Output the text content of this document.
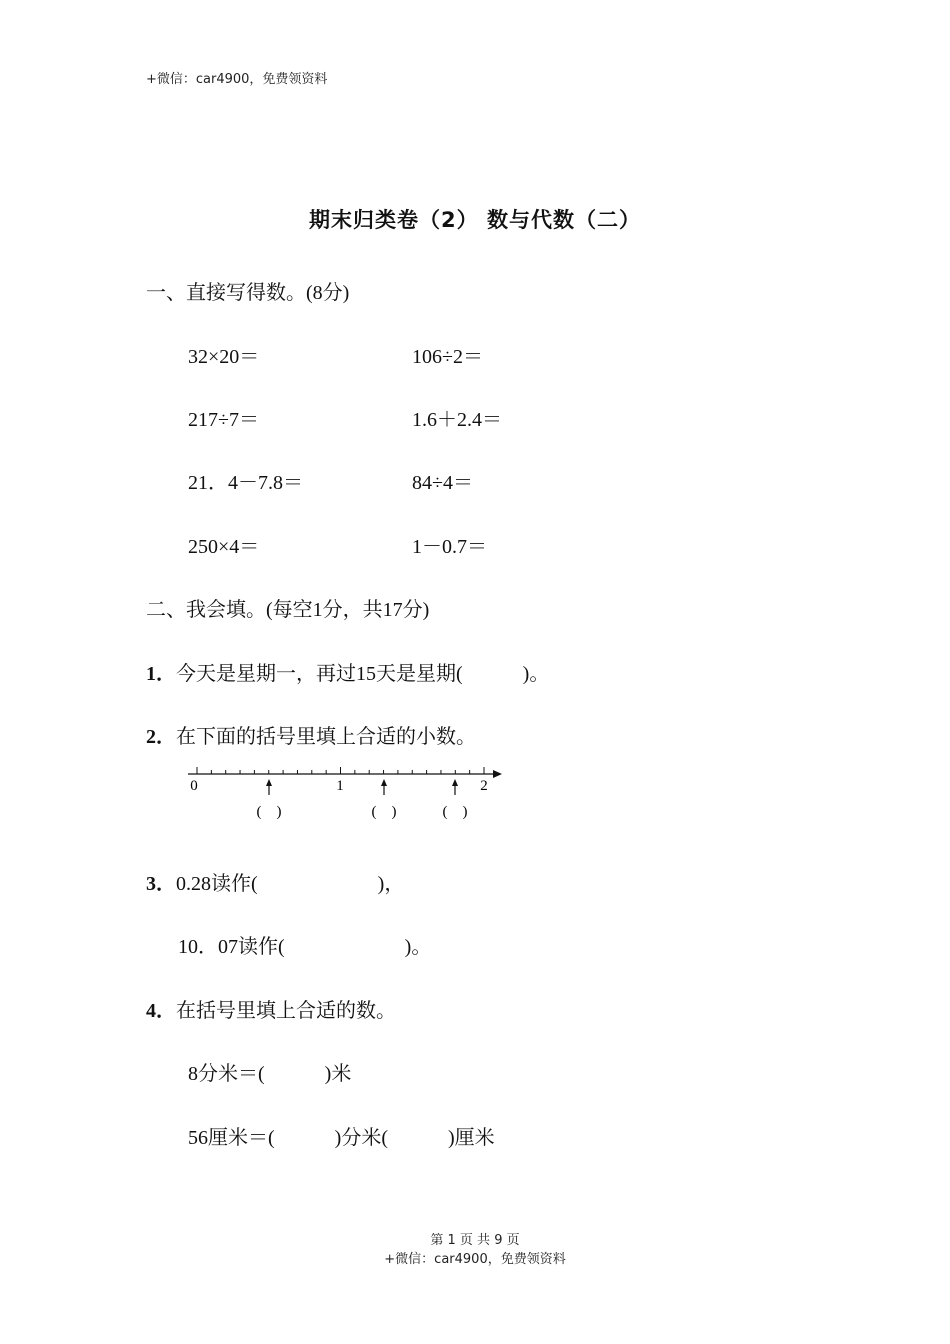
+微信：car4900，免费领资料
期末归类卷（2） 数与代数（二）
一、直接写得数。(8分)
32×20＝	106÷2＝
217÷7＝	1.6＋2.4＝
21．4－7.8＝	84÷4＝
250×4＝	1－0.7＝
二、我会填。(每空1分，共17分)
1．今天是星期一，再过15天是星期(　　　)。
2．在下面的括号里填上合适的小数。
0	1	2
(　)	(　)	(　)
3．0.28读作(　　　　　　)，
10．07读作(　　　　　　)。
4．在括号里填上合适的数。
8分米＝(　　　)米
56厘米＝(　　　)分米(　　　)厘米
第 1 页 共 9 页
+微信：car4900，免费领资料
